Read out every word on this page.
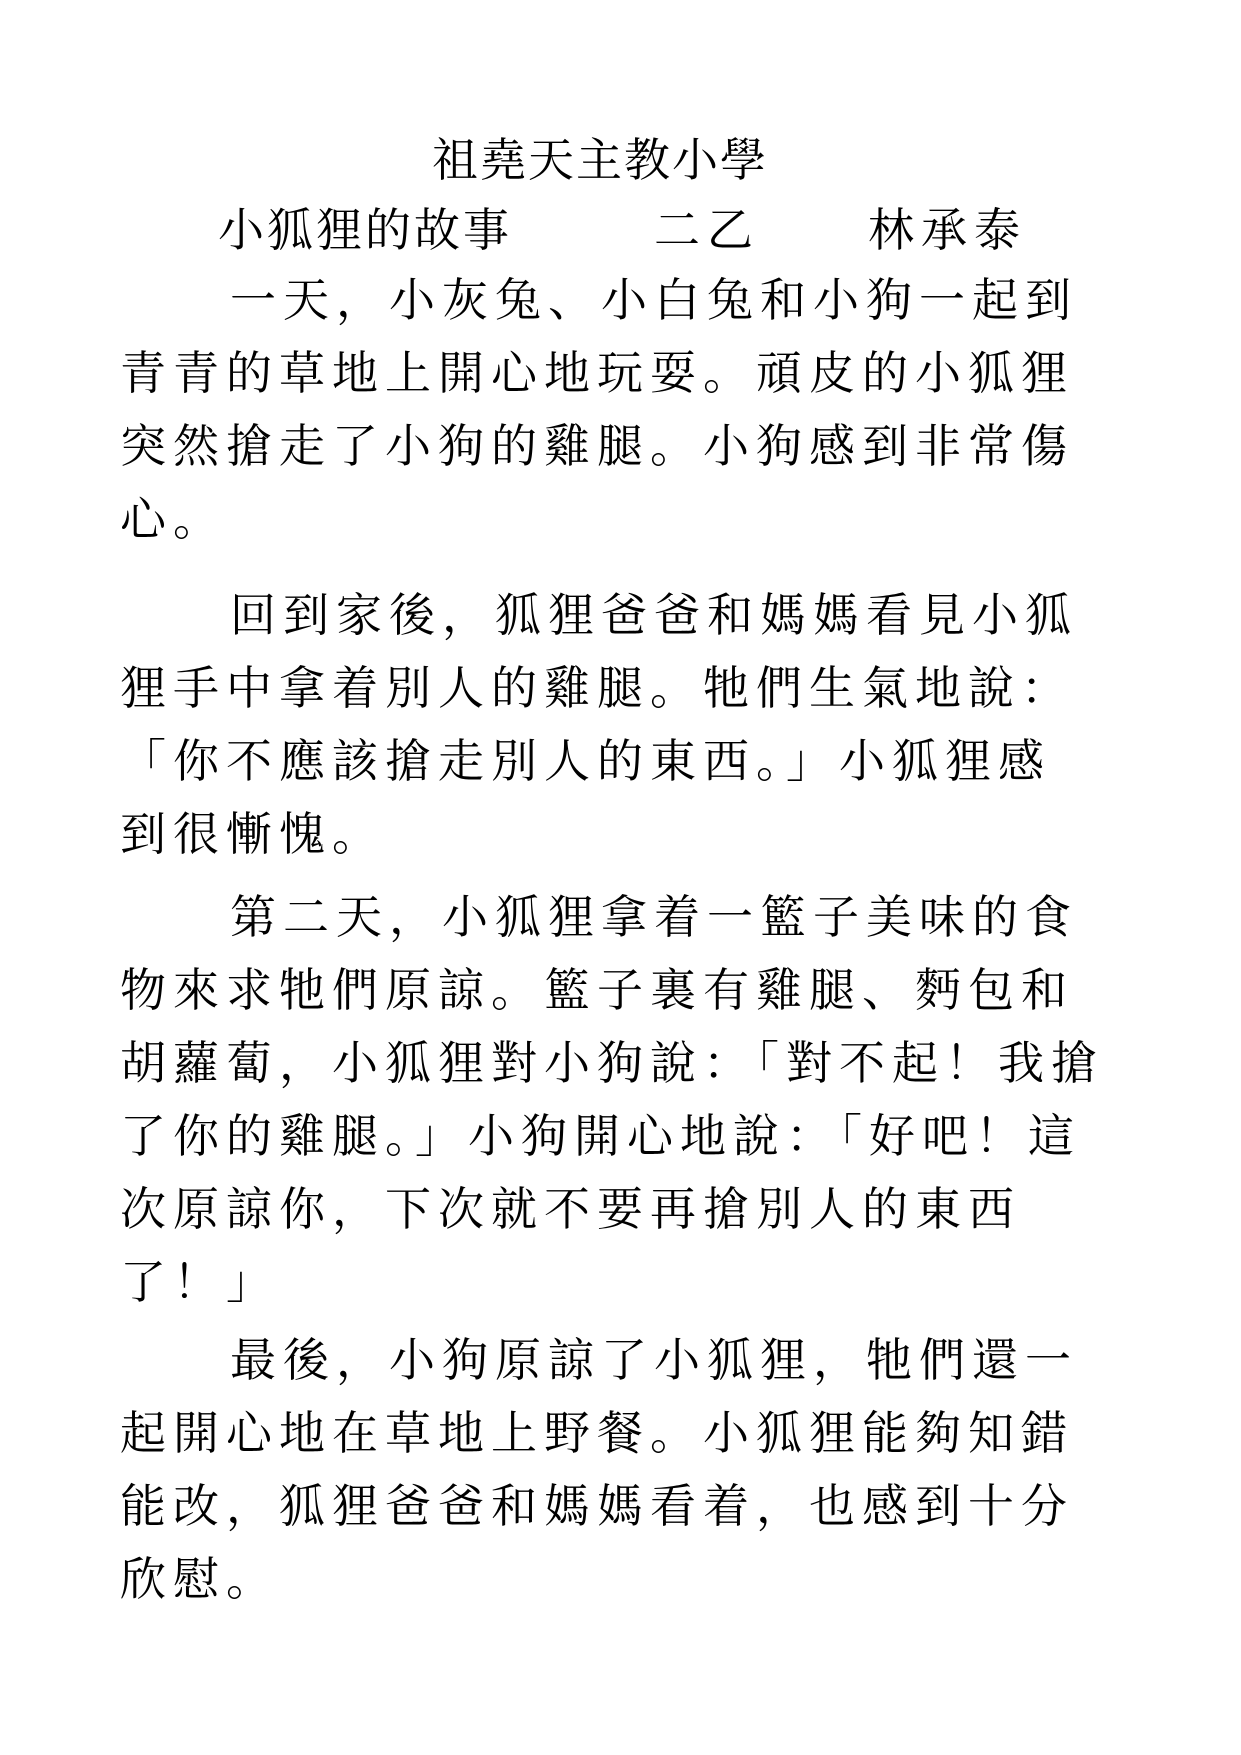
祖堯天主教小學
小狐狸的故事	二乙 林承泰
一天，小灰兔、小白兔和小狗一起到
青青的草地上開心地玩耍。頑皮的小狐狸
突然搶走了小狗的雞腿。小狗感到非常傷
心。
回到家後，狐狸爸爸和媽媽看見小狐
狸手中拿着別人的雞腿。牠們生氣地說：
「你不應該搶走別人的東西。」小狐狸感
到很慚愧。
第二天，小狐狸拿着一籃子美味的食
物來求牠們原諒。籃子裏有雞腿、麪包和
胡蘿蔔，小狐狸對小狗說：「對不起！我搶
了你的雞腿。」小狗開心地說：「好吧！這
次原諒你，下次就不要再搶別人的東西
了！」
最後，小狗原諒了小狐狸，牠們還一
起開心地在草地上野餐。小狐狸能夠知錯
能改，狐狸爸爸和媽媽看着，也感到十分
欣慰。
